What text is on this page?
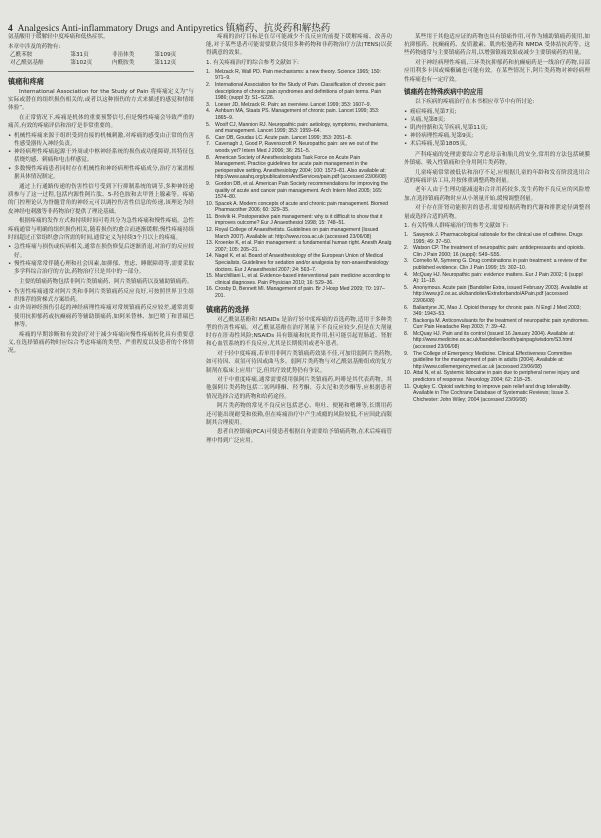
4 Analgesics Anti-inflammatory Drugs and Antipyretics 镇痛药、抗炎药和解热药

氨基酸用于缓解轻中度疼痛和低热症状。

本章中涉及的药物有:

乙酰苯胺	第31页	非甾体类	第109页
对乙酰氨基酚	第102页	内酰胺类	第112页
镇痛和疼痛

International Association for the Study of Pain 将疼痛定义为“与实际或潜在的组织损伤相关的,或者以这种损伤的方式来描述的感觉和情绪体验”。

在正常情况下,疼痛是机体的重要预警信号,但是慢性疼痛会导致严重的痛苦,有效的疼痛评估和治疗是非常重要的。

• 机械性疼痛来源于组织受到直接的机械刺激,对疼痛的感受由正常的伤害性感受器传入神经负责。
• 神经病理性疼痛起源于外周或中枢神经系统的损伤或功能障碍,其特征包括烧灼感、刺痛和电击样感觉。
• 多数慢性疼痛患者同时存在机械性和神经病理性疼痛成分,治疗方案需根据具体情况制定。

通过上行通路传递的伤害性信号受到下行抑制系统的调节,多种神经递质参与了这一过程,包括内源性阿片肽、5-羟色胺和去甲肾上腺素等。疼痛的门控理论认为脊髓背角的神经元可以调控伤害性信息的传递,该理论为经皮神经电刺激等非药物治疗提供了理论基础。

根据疼痛的发作方式和持续时间可将其分为急性疼痛和慢性疼痛。急性疼痛通常与明确的组织损伤相关,随着损伤的愈合而逐渐缓解;慢性疼痛持续时间超过正常组织愈合所需的时间,通常定义为持续3个月以上的疼痛。

• 急性疼痛与损伤或疾病相关,通常在损伤修复后逐渐消退,对治疗的反应较好。
• 慢性疼痛常常伴随心理和社会因素,如抑郁、焦虑、睡眠障碍等,需要采取多学科综合治疗的方法,药物治疗只是其中的一部分。

主要的镇痛药物包括非阿片类镇痛药、阿片类镇痛药以及辅助镇痛药。

• 伤害性疼痛通常对阿片类和非阿片类镇痛药反应良好,可按照世界卫生组织推荐的阶梯式方案给药。
• 由外周神经损伤引起的神经病理性疼痛对常规镇痛药反应较差,通常需要使用抗抑郁药或抗癫痫药等辅助镇痛药,如阿米替林、加巴喷丁和普瑞巴林等。

疼痛的早期诊断和有效治疗对于减少疼痛向慢性疼痛转化具有重要意义,在选择镇痛药物时应综合考虑疼痛的类型、严重程度以及患者的个体情况。

疼痛的治疗目标是在尽可能减少不良反应的前提下缓解疼痛、改善功能,对于某些患者可能需要联合使用多种药物和非药物治疗方法(TENS)以获得满意的效果。

1. 有关疼痛治疗的综合参考文献如下:

1. Melzack R, Wall PD. Pain mechanisms: a new theory. Science 1965; 150: 971–9.
2. International Association for the Study of Pain. Classification of chronic pain: descriptions of chronic pain syndromes and definitions of pain terms. Pain 1986; (suppl 3): S1–S226.
3. Loeser JD, Melzack R. Pain: an overview. Lancet 1999; 353: 1607–9.
4. Ashburn MA, Staats PS. Management of chronic pain. Lancet 1999; 353: 1865–9.
5. Woolf CJ, Mannion RJ. Neuropathic pain: aetiology, symptoms, mechanisms, and management. Lancet 1999; 353: 1959–64.
6. Carr DB, Goudas LC. Acute pain. Lancet 1999; 353: 2051–8.
7. Cavenagh J, Good P, Ravenscroft P. Neuropathic pain: are we out of the woods yet? Intern Med J 2006; 36: 251–5.
8. American Society of Anesthesiologists Task Force on Acute Pain Management. Practice guidelines for acute pain management in the perioperative setting. Anesthesiology 2004; 100: 1573–81. Also available at: http://www.asahq.org/publicationsAndServices/pain.pdf (accessed 23/06/08)
9. Gordon DB, et al. American Pain Society recommendations for improving the quality of acute and cancer pain management. Arch Intern Med 2005; 165: 1574–80.
10. Spacek A. Modern concepts of acute and chronic pain management. Biomed Pharmacother 2006; 60: 329–35.
11. Breivik H. Postoperative pain management: why is it difficult to show that it improves outcome? Eur J Anaesthesiol 1998; 15: 748–51.
12. Royal College of Anaesthetists. Guidelines on pain management (Issued March 2007). Available at: http://www.rcoa.ac.uk (accessed 23/06/08)
13. Kroenke K, et al. Pain management: a fundamental human right. Anesth Analg 2007; 105: 205–21.
14. Nagel K, et al. Board of Anaesthesiology of the European Union of Medical Specialists. Guidelines for sedation and/or analgesia by non-anaesthesiology doctors. Eur J Anaesthesiol 2007; 24: 563–7.
15. Marchilliani L, et al. Evidence-based interventional pain medicine according to clinical diagnoses. Pain Physician 2010; 16: 529–36.
16. Crosby D, Bennett MI. Management of pain. Br J Hosp Med 2009; 70: 197–201.
镇痛药的选择

对乙酰氨基酚和 NSAIDs 是治疗轻中度疼痛的首选药物,适用于多种类型的伤害性疼痛。对乙酰氨基酚在治疗剂量下不良反应较少,但是在大剂量时存在肝毒性风险;NSAIDs 具有镇痛和抗炎作用,但可能引起胃肠道、肾脏和心血管系统的不良反应,尤其是长期使用或老年患者。

对于轻中度疼痛,若单用非阿片类镇痛药效果不佳,可加用弱阿片类药物,如可待因、双氢可待因或曲马多。弱阿片类药物与对乙酰氨基酚组成的复方制剂在临床上应用广泛,但其疗效优势仍有争议。

对于中重度疼痛,通常需要使用强阿片类镇痛药,吗啡是其代表药物。其他强阿片类药物包括二氢吗啡酮、羟考酮、芬太尼和美沙酮等,应根据患者情况选择合适的药物和给药途径。

阿片类药物的常见不良反应包括恶心、呕吐、便秘和嗜睡等,长期用药还可能出现耐受和依赖,但在疼痛治疗中产生成瘾的风险较低,不应因此而限制其合理使用。

患者自控镇痛(PCA)可使患者根据自身需要给予镇痛药物,在术后疼痛管理中得到广泛应用。

某些用于其他适应证的药物也具有镇痛作用,可作为辅助镇痛药使用,如抗抑郁药、抗癫痫药、皮质激素、肌肉松弛药和 NMDA 受体拮抗药等。这些药物通常与主要镇痛药合用,以增强镇痛效果或减少主要镇痛药的用量。

对于神经病理性疼痛,三环类抗抑郁药和抗癫痫药是一线治疗药物,局部应用利多卡因或辣椒碱也可能有效。在某些情况下,阿片类药物对神经病理性疼痛也有一定疗效。

镇痛药在特殊疾病中的应用

以下疾病的疼痛治疗在本书相应章节中有所讨论:

• 癌症疼痛,见第7页;
• 头痛,见第8页;
• 肌肉骨骼和关节疾病,见第11页;
• 神经病理性疼痛,见第9页;
• 术后疼痛,见第1805页。

产科疼痛的处理需要综合考虑母亲和胎儿的安全,常用的方法包括硬膜外镇痛、吸入性镇痛和全身用阿片类药物。

儿童疼痛常常被低估和治疗不足,应根据儿童的年龄和发育阶段选用合适的疼痛评估工具,并按体重调整药物剂量。

老年人由于生理功能减退和合并用药较多,发生药物不良反应的风险增加,在选择镇痛药物时应从小剂量开始,缓慢调整剂量。

对于存在肝肾功能损害的患者,需要根据药物的代谢和排泄途径调整剂量或选择合适的药物。

1. 有关特殊人群疼痛治疗的参考文献如下:

1. Sawynok J. Pharmacological rationale for the clinical use of caffeine. Drugs 1995; 49: 37–50.
2. Watson CP. The treatment of neuropathic pain: antidepressants and opioids. Clin J Pain 2000; 16 (suppl): S49–S55.
3. Cornelio M, Symreng G. Drug combinations in pain treatment: a review of the published evidence. Clin J Pain 1999; 15: 302–10.
4. McQuay HJ. Neuropathic pain: evidence matters. Eur J Pain 2002; 6 (suppl A): 11–18.
5. Anonymous. Acute pain (Bandolier Extra, issued February 2003). Available at: http://www.jr2.ox.ac.uk/bandolier/Extraforbando/APain.pdf (accessed 23/06/08)
6. Ballantyne JC, Mao J. Opioid therapy for chronic pain. N Engl J Med 2003; 349: 1943–53.
7. Backonja M. Anticonvulsants for the treatment of neuropathic pain syndromes. Curr Pain Headache Rep 2003; 7: 39–42.
8. McQuay HJ. Pain and its control (issued 16 January 2004). Available at: http://www.medicine.ox.ac.uk/bandolier/booth/painpag/wisdom/S3.html (accessed 23/06/08)
9. The College of Emergency Medicine. Clinical Effectiveness Committee guideline for the management of pain in adults (2004). Available at: http://www.collemergencymed.ac.uk (accessed 23/06/08)
10. Attal N, et al. Systemic lidocaine in pain due to peripheral nerve injury and predictors of response. Neurology 2004; 62: 218–25.
11. Quigley C. Opioid switching to improve pain relief and drug tolerability. Available in The Cochrane Database of Systematic Reviews; Issue 3. Chichester: John Wiley; 2004 (accessed 23/06/08)
